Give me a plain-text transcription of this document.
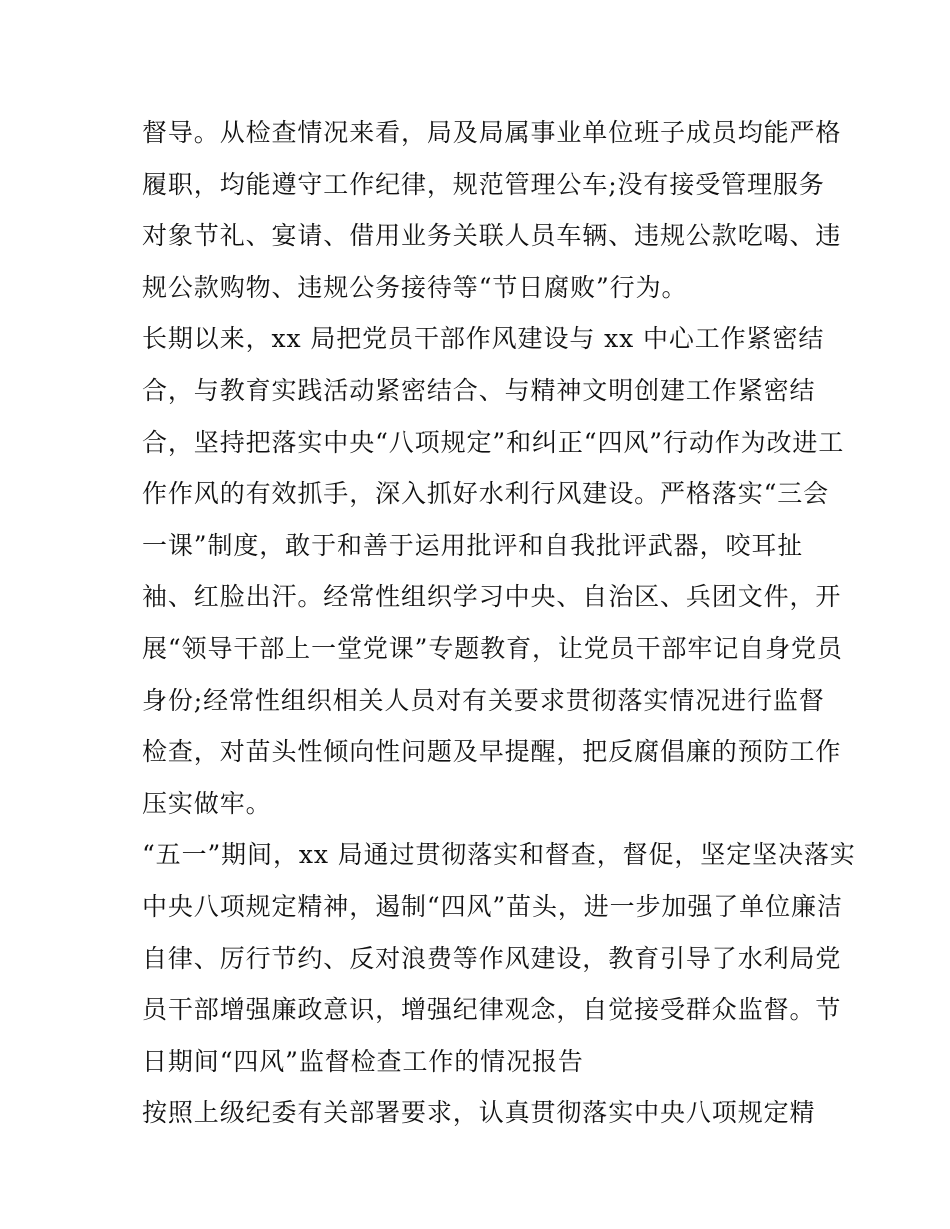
督导。从检查情况来看，局及局属事业单位班子成员均能严格
履职，均能遵守工作纪律，规范管理公车;没有接受管理服务
对象节礼、宴请、借用业务关联人员车辆、违规公款吃喝、违
规公款购物、违规公务接待等“节日腐败”行为。
长期以来，xx 局把党员干部作风建设与 xx 中心工作紧密结
合，与教育实践活动紧密结合、与精神文明创建工作紧密结
合，坚持把落实中央“八项规定”和纠正“四风”行动作为改进工
作作风的有效抓手，深入抓好水利行风建设。严格落实“三会
一课”制度，敢于和善于运用批评和自我批评武器，咬耳扯
袖、红脸出汗。经常性组织学习中央、自治区、兵团文件，开
展“领导干部上一堂党课”专题教育，让党员干部牢记自身党员
身份;经常性组织相关人员对有关要求贯彻落实情况进行监督
检查，对苗头性倾向性问题及早提醒，把反腐倡廉的预防工作
压实做牢。
“五一”期间，xx 局通过贯彻落实和督查，督促，坚定坚决落实
中央八项规定精神，遏制“四风”苗头，进一步加强了单位廉洁
自律、厉行节约、反对浪费等作风建设，教育引导了水利局党
员干部增强廉政意识，增强纪律观念，自觉接受群众监督。节
日期间“四风”监督检查工作的情况报告
按照上级纪委有关部署要求，认真贯彻落实中央八项规定精
